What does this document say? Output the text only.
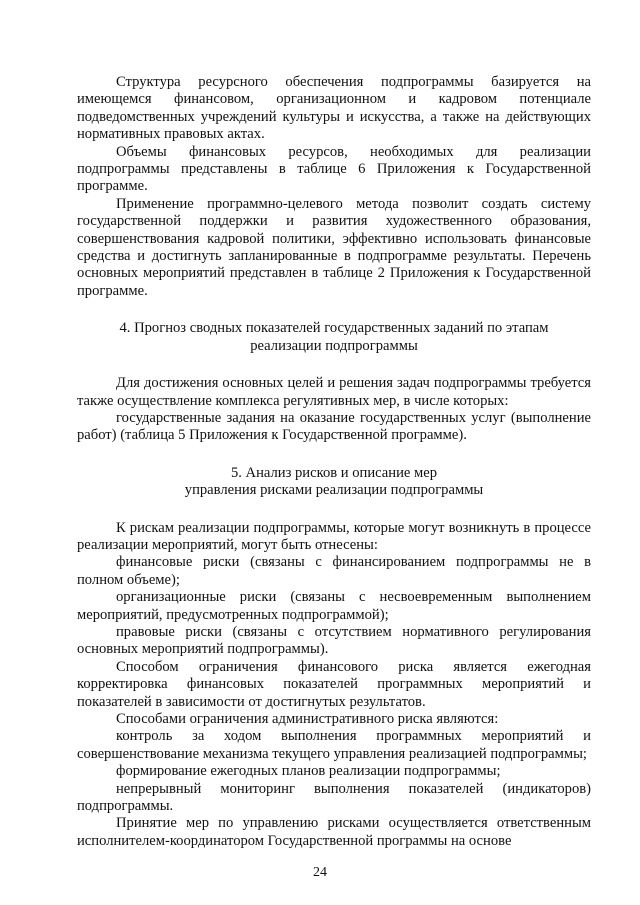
Структура ресурсного обеспечения подпрограммы базируется на имеющемся финансовом, организационном и кадровом потенциале подведомственных учреждений культуры и искусства, а также на действующих нормативных правовых актах.

Объемы финансовых ресурсов, необходимых для реализации подпрограммы представлены в таблице 6 Приложения к Государственной программе.

Применение программно-целевого метода позволит создать систему государственной поддержки и развития художественного образования, совершенствования кадровой политики, эффективно использовать финансовые средства и достигнуть запланированные в подпрограмме результаты. Перечень основных мероприятий представлен в таблице 2 Приложения к Государственной программе.

4. Прогноз сводных показателей государственных заданий по этапам
реализации подпрограммы

Для достижения основных целей и решения задач подпрограммы требуется также осуществление комплекса регулятивных мер, в числе которых:

государственные задания на оказание государственных услуг (выполнение работ) (таблица 5 Приложения к Государственной программе).

5. Анализ рисков и описание мер
управления рисками реализации подпрограммы

К рискам реализации подпрограммы, которые могут возникнуть в процессе реализации мероприятий, могут быть отнесены:

финансовые риски (связаны с финансированием подпрограммы не в полном объеме);

организационные риски (связаны с несвоевременным выполнением мероприятий, предусмотренных подпрограммой);

правовые риски (связаны с отсутствием нормативного регулирования основных мероприятий подпрограммы).

Способом ограничения финансового риска является ежегодная корректировка финансовых показателей программных мероприятий и показателей в зависимости от достигнутых результатов.

Способами ограничения административного риска являются:

контроль за ходом выполнения программных мероприятий и совершенствование механизма текущего управления реализацией подпрограммы;

формирование ежегодных планов реализации подпрограммы;

непрерывный мониторинг выполнения показателей (индикаторов) подпрограммы.

Принятие мер по управлению рисками осуществляется ответственным исполнителем-координатором Государственной программы на основе

24
